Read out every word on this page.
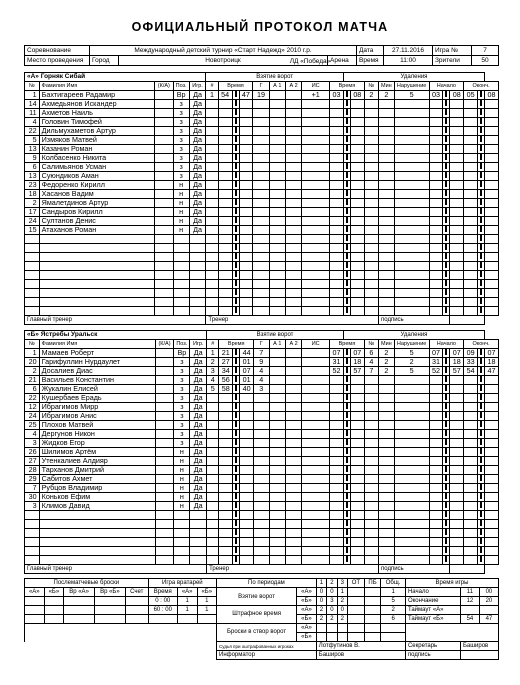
ОФИЦИАЛЬНЫЙ ПРОТОКОЛ МАТЧА
Соревнование	Международный детский турнир «Старт Надежд» 2010 г.р.			Дата	27.11.2016	Игра №	7
Место проведения	Город	Новотроицк	Арена	Время	11:00	Зрители	50
ЛД «Победа»
«А» Горняк Сибай					Взятие ворот									Удаления										
№	Фамилия Имя	(К/А)	Поз.	Игр.	#	Время			Г	А 1	А 2	ИС	Время			№	Мин	Нарушение	Начало			Оконч.		
1	Бахтигареев Радамир		Вр	Да	1	54		47	19			+1	03		08	2	2	5	03		08	05		08
14	Ахмедьянов Искандер		з	Да																				
11	Ахметов Наиль		з	Да																				
4	Головин Тимофей		з	Да																				
22	Дильмухаметов Артур		з	Да																				
5	Измяков Матвей		з	Да																				
13	Казанин Роман		з	Да																				
9	Колбасенко Никита		з	Да																				
6	Салимьянов Усман		з	Да																				
13	Суюндиков Аман		з	Да																				
23	Федоренко Кирилл		н	Да																				
18	Хасанов Вадим		н	Да																				
2	Ямалетдинов Артур		н	Да																				
17	Сандыров Кирилл		н	Да																				
24	Султанов Денис		н	Да																				
15	Атаханов Роман		н	Да																				

Главный тренер					Тренер												подпись							
«Б» Ястребы Уральск					Взятие ворот									Удаления										
№	Фамилия Имя	(К/А)	Поз.	Игр.	#	Время			Г	А 1	А 2	ИС	Время			№	Мин	Нарушение	Начало			Оконч.		
1	Мамаев Роберт		Вр	Да	1	21		44	7				07		07	6	2	5	07		07	09		07
20	Гарифуллин Нурдаулет		з	Да	2	27		01	9				31		18	4	2	2	31		18	33		18
2	Досалиев Диас		з	Да	3	34		07	4				52		57	7	2	5	52		57	54		47
21	Васильев Константин		з	Да	4	56		01	4															
6	Жукалин Елисей		з	Да	5	58		40	3															
22	Кушербаев Ерадь		з	Да																				
12	Ибрагимов Мирр		з	Да																				
24	Ибрагимов Анис		з	Да																				
25	Плохов Матвей		з	Да																				
4	Дергунов Никон		з	Да																				
3	Жидков Егор		з	Да																				
26	Шилимов Артём		н	Да																				
27	Утенкалиев Алдияр		н	Да																				
28	Тарханов Дмитрий		н	Да																				
29	Сабитов Ахмет		н	Да																				
7	Рубцов Владимир		н	Да																				
30	Коньков Ефим		н	Да																				
3	Климов Давид		н	Да																				

Главный тренер					Тренер												подпись							
Послематчевые броски					Игра вратарей			По периодам		1	2	3	ОТ	ПБ	Общ.	Время игры		
«А»	«Б»	Вр «А»	Вр «Б»	Счет	Время	«А»	«Б»	Взятие ворот	«А»	0	0	1			1	Начало	11	00
					0 : 00	1	1		«Б»	0	3	2			5	Окончание	12	20
					60 : 00	1	1	Штрафное время	«А»	2	0	0			2	Таймаут «А»		
									«Б»	2	2	2			6	Таймаут «Б»	54	47
								Броски в створ ворот	«А»									
									«Б»									
								Судья при оштрафованных игроках		Лотфутинов В.						Секретарь	Баширов	
								Информатор		Баширов						подпись		
